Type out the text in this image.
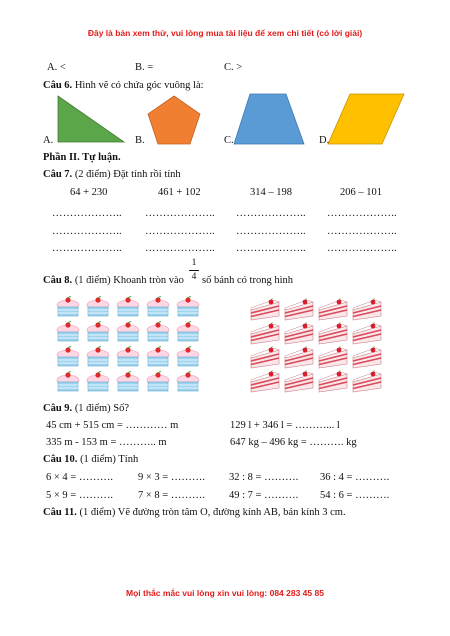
Đây là bản xem thử, vui lòng mua tài liệu để xem chi tiết (có lời giải)
A. <	B. =	C. >
Câu 6. Hình vẽ có chứa góc vuông là:
A.	B.	C.	D.
Phần II. Tự luận.
Câu 7. (2 điểm) Đặt tính rồi tính
64 + 230	461 + 102	314 – 198	206 – 101
……………….. ……………….. ……………….. ………………..
……………….. ……………….. ……………….. ………………..
……………….. ……………….. ……………….. ………………..
Câu 8. (1 điểm) Khoanh tròn vào
1
4 số bánh có trong hình
Câu 9. (1 điểm) Số?
45 cm + 515 cm = ………… m	129 l + 346 l = ………... l
335 m - 153 m = ……….. m	647 kg – 496 kg = ………. kg
Câu 10. (1 điểm) Tính
6 × 4 = ………. 9 × 3 = ………. 32 : 8 = ………. 36 : 4 = ……….
5 × 9 = ………. 7 × 8 = ………. 49 : 7 = ………. 54 : 6 = ……….
Câu 11. (1 điểm) Vẽ đường tròn tâm O, đường kính AB, bán kính 3 cm.
Mọi thắc mắc vui lòng xin vui lòng: 084 283 45 85
